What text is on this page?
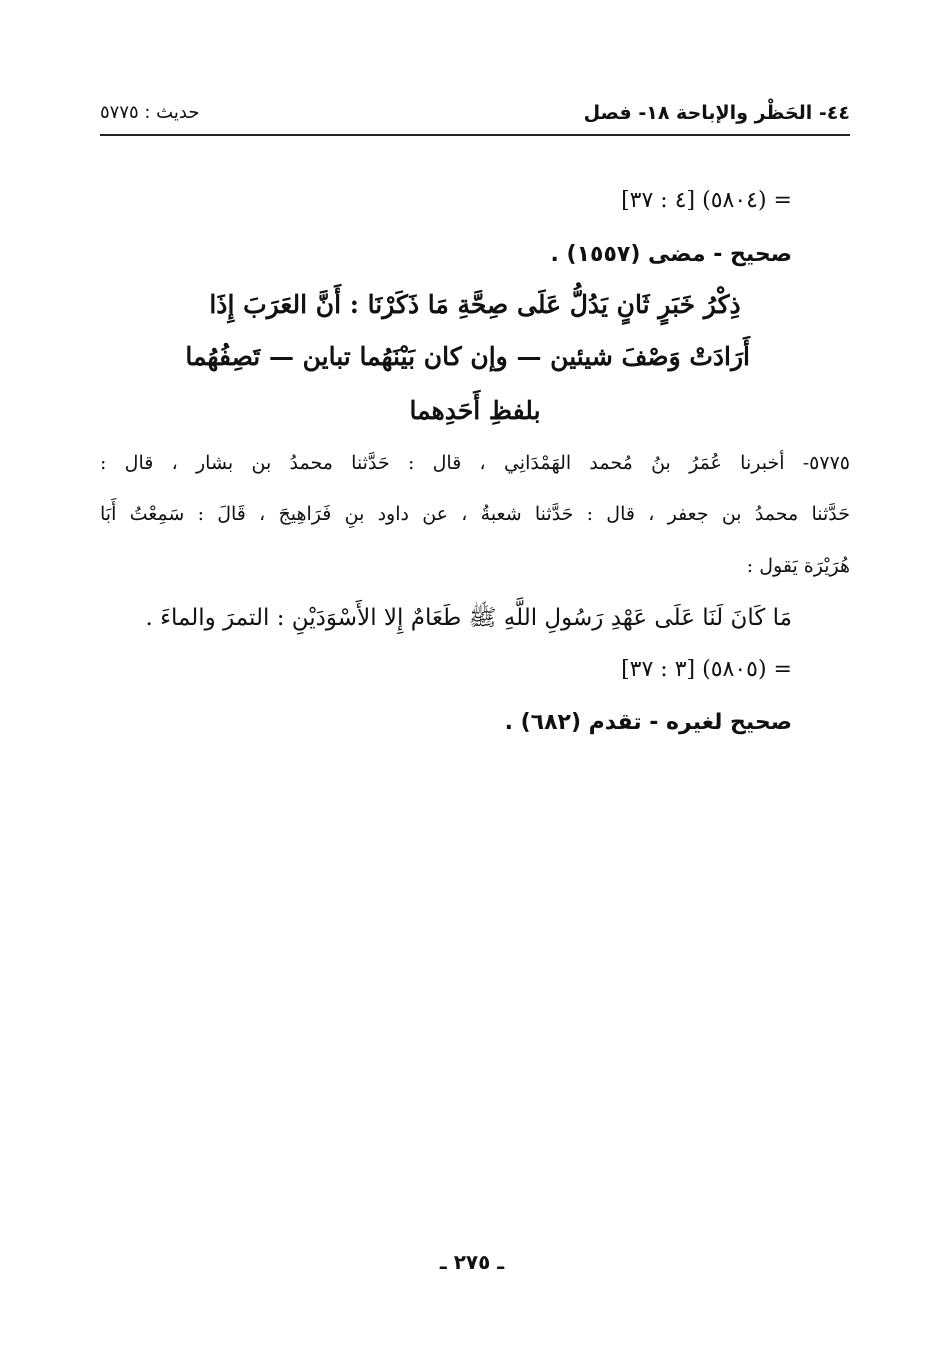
٤٤- الحَظْر والإباحة ١٨- فصل
حديث : ٥٧٧٥
= (٥٨٠٤) [٤ : ٣٧]
صحيح - مضى (١٥٥٧) .
ذِكْرُ خَبَرٍ ثَانٍ يَدُلُّ عَلَى صِحَّةِ مَا ذَكَرْنَا : أَنَّ العَرَبَ إِذَا
أَرَادَتْ وَصْفَ شيئين — وإن كان بَيْنَهُما تباين — تَصِفُهُما
بلفظِ أَحَدِهما
٥٧٧٥- أخبرنا عُمَرُ بنُ مُحمد الهَمْدَانِي ، قال : حَدَّثنا محمدُ بن بشار ، قال :
حَدَّثنا محمدُ بن جعفر ، قال : حَدَّثنا شعبةُ ، عن داود بنِ فَرَاهِيجَ ، قَالَ : سَمِعْتُ أَبَا
هُرَيْرَة يَقول :
مَا كَانَ لَنَا عَلَى عَهْدِ رَسُولِ اللَّهِ ﷺ طَعَامٌ إِلا الأَسْوَدَيْنِ : التمرَ والماءَ .
= (٥٨٠٥) [٣ : ٣٧]
صحيح لغيره - تقدم (٦٨٢) .
ـ ٢٧٥ ـ
